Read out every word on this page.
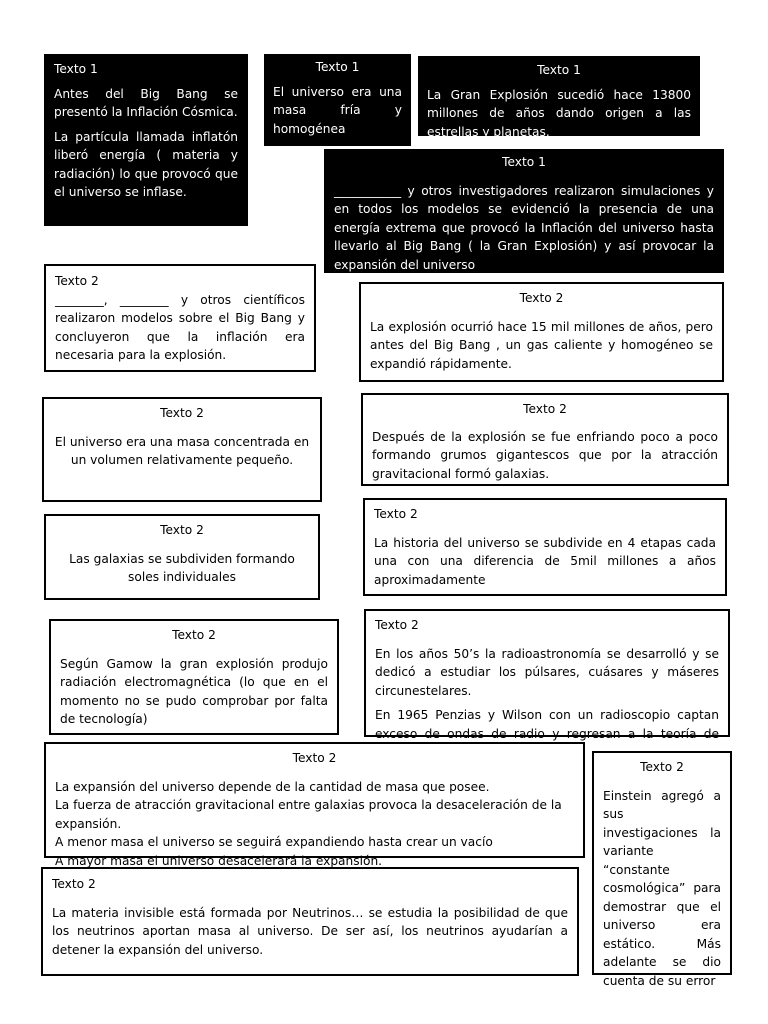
Texto 1

Antes del Big Bang se presentó la Inflación Cósmica.

La partícula llamada inflatón liberó energía ( materia y radiación) lo que provocó que el universo se inflase.

Texto 1

El universo era una masa fría y homogénea

Texto 1

La Gran Explosión sucedió hace 13800 millones de años dando origen a las estrellas y planetas.

Texto 1

___________ y otros investigadores realizaron simulaciones y en todos los modelos se evidenció la presencia de una energía extrema que provocó la Inflación del universo hasta llevarlo al Big Bang ( la Gran Explosión) y así provocar la expansión del universo

Texto 2

________, ________ y otros científicos realizaron modelos sobre el Big Bang y concluyeron que la inflación era necesaria para la explosión.

Texto 2

La explosión ocurrió hace 15 mil millones de años, pero antes del Big Bang , un gas caliente y homogéneo se expandió rápidamente.

Texto 2

El universo era una masa concentrada en un volumen relativamente pequeño.

Texto 2

Después de la explosión se fue enfriando poco a poco formando grumos gigantescos que por la atracción gravitacional formó galaxias.

Texto 2

Las galaxias se subdividen formando soles individuales

Texto 2

La historia del universo se subdivide en 4 etapas cada una con una diferencia de 5mil millones a años aproximadamente

Texto 2

Según Gamow la gran explosión produjo radiación electromagnética (lo que en el momento no se pudo comprobar por falta de tecnología)

Texto 2

En los años 50’s la radioastronomía se desarrolló y se dedicó a estudiar los púlsares, cuásares y máseres circunestelares.

En 1965 Penzias y Wilson con un radioscopio captan exceso de ondas de radio y regresan a la teoría de

Texto 2
La expansión del universo depende de la cantidad de masa que posee.
La fuerza de atracción gravitacional entre galaxias provoca la desaceleración de la expansión.
A menor masa el universo se seguirá expandiendo hasta crear un vacío
A mayor masa el universo desacelerará la expansión.
Texto 2

Einstein agregó a sus investigaciones la variante “constante cosmológica” para demostrar que el universo era estático. Más adelante se dio cuenta de su error

Texto 2

La materia invisible está formada por Neutrinos… se estudia la posibilidad de que los neutrinos aportan masa al universo. De ser así, los neutrinos ayudarían a detener la expansión del universo.
